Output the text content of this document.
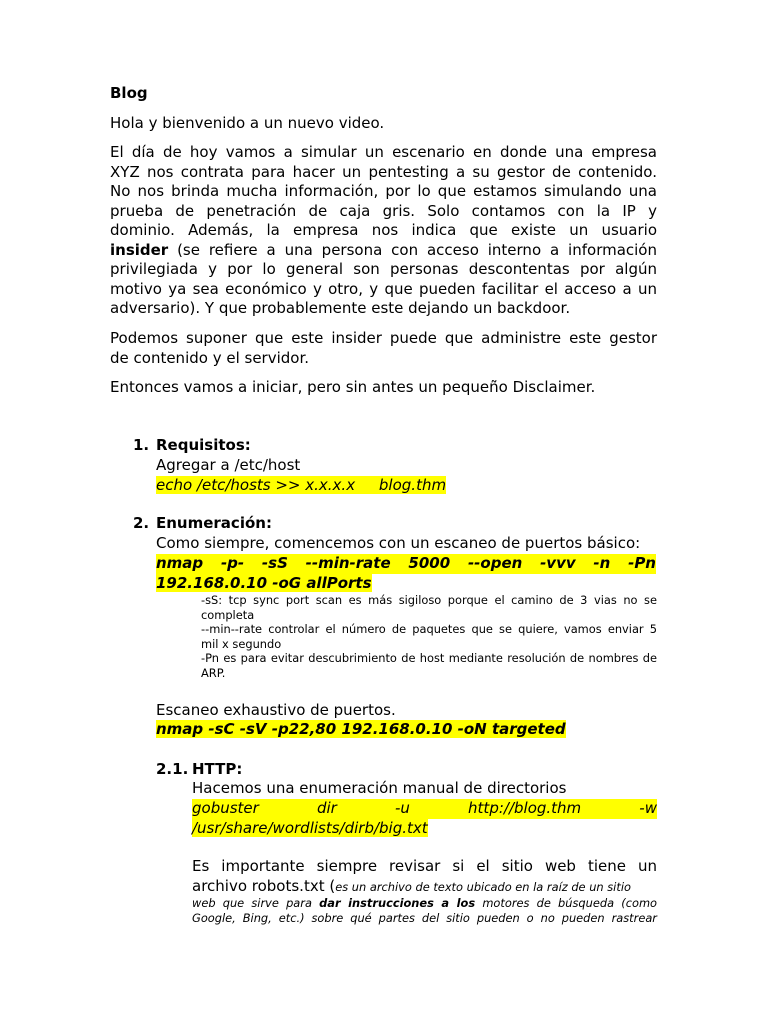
Blog
Hola y bienvenido a un nuevo video.
El día de hoy vamos a simular un escenario en donde una empresa
XYZ nos contrata para hacer un pentesting a su gestor de contenido.
No nos brinda mucha información, por lo que estamos simulando una
prueba de penetración de caja gris. Solo contamos con la IP y
dominio. Además, la empresa nos indica que existe un usuario
insider (se refiere a una persona con acceso interno a información
privilegiada y por lo general son personas descontentas por algún
motivo ya sea económico y otro, y que pueden facilitar el acceso a un
adversario). Y que probablemente este dejando un backdoor.
Podemos suponer que este insider puede que administre este gestor
de contenido y el servidor.
Entonces vamos a iniciar, pero sin antes un pequeño Disclaimer.
1. Requisitos:
Agregar a /etc/host
echo /etc/hosts >> x.x.x.x     blog.thm
2. Enumeración:
Como siempre, comencemos con un escaneo de puertos básico:
nmap -p- -sS --min-rate 5000 --open -vvv -n -Pn
192.168.0.10 -oG allPorts
-sS: tcp sync port scan es más sigiloso porque el camino de 3 vias no se
completa
--min--rate controlar el número de paquetes que se quiere, vamos enviar 5
mil x segundo
-Pn es para evitar descubrimiento de host mediante resolución de nombres de
ARP.
Escaneo exhaustivo de puertos.
nmap -sC -sV -p22,80 192.168.0.10 -oN targeted
2.1. HTTP:
Hacemos una enumeración manual de directorios
gobuster dir -u http://blog.thm -w
/usr/share/wordlists/dirb/big.txt
Es importante siempre revisar si el sitio web tiene un
archivo robots.txt (es un archivo de texto ubicado en la raíz de un sitio
web que sirve para dar instrucciones a los motores de búsqueda (como
Google, Bing, etc.) sobre qué partes del sitio pueden o no pueden rastrear
